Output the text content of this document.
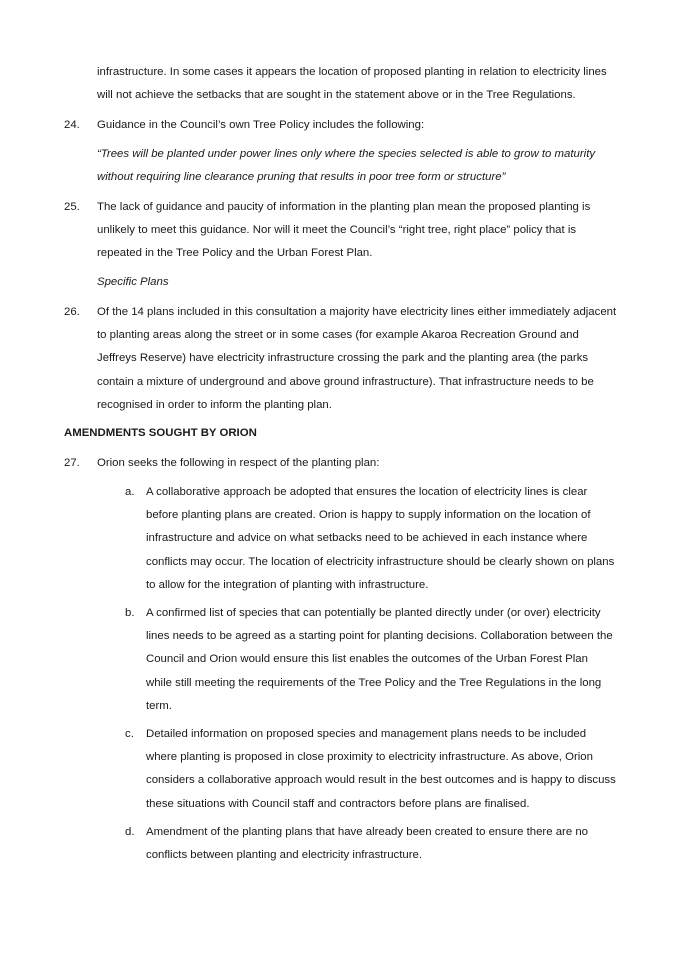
infrastructure. In some cases it appears the location of proposed planting in relation to electricity lines will not achieve the setbacks that are sought in the statement above or in the Tree Regulations.

24.	Guidance in the Council’s own Tree Policy includes the following:

“Trees will be planted under power lines only where the species selected is able to grow to maturity without requiring line clearance pruning that results in poor tree form or structure”

25.	The lack of guidance and paucity of information in the planting plan mean the proposed planting is unlikely to meet this guidance. Nor will it meet the Council’s “right tree, right place” policy that is repeated in the Tree Policy and the Urban Forest Plan.

Specific Plans

26.	Of the 14 plans included in this consultation a majority have electricity lines either immediately adjacent to planting areas along the street or in some cases (for example Akaroa Recreation Ground and Jeffreys Reserve) have electricity infrastructure crossing the park and the planting area (the parks contain a mixture of underground and above ground infrastructure). That infrastructure needs to be recognised in order to inform the planting plan.

AMENDMENTS SOUGHT BY ORION

27.	Orion seeks the following in respect of the planting plan:

a.	A collaborative approach be adopted that ensures the location of electricity lines is clear before planting plans are created. Orion is happy to supply information on the location of infrastructure and advice on what setbacks need to be achieved in each instance where conflicts may occur. The location of electricity infrastructure should be clearly shown on plans to allow for the integration of planting with infrastructure.

b.	A confirmed list of species that can potentially be planted directly under (or over) electricity lines needs to be agreed as a starting point for planting decisions. Collaboration between the Council and Orion would ensure this list enables the outcomes of the Urban Forest Plan while still meeting the requirements of the Tree Policy and the Tree Regulations in the long term.

c.	Detailed information on proposed species and management plans needs to be included where planting is proposed in close proximity to electricity infrastructure. As above, Orion considers a collaborative approach would result in the best outcomes and is happy to discuss these situations with Council staff and contractors before plans are finalised.

d.	Amendment of the planting plans that have already been created to ensure there are no conflicts between planting and electricity infrastructure.
